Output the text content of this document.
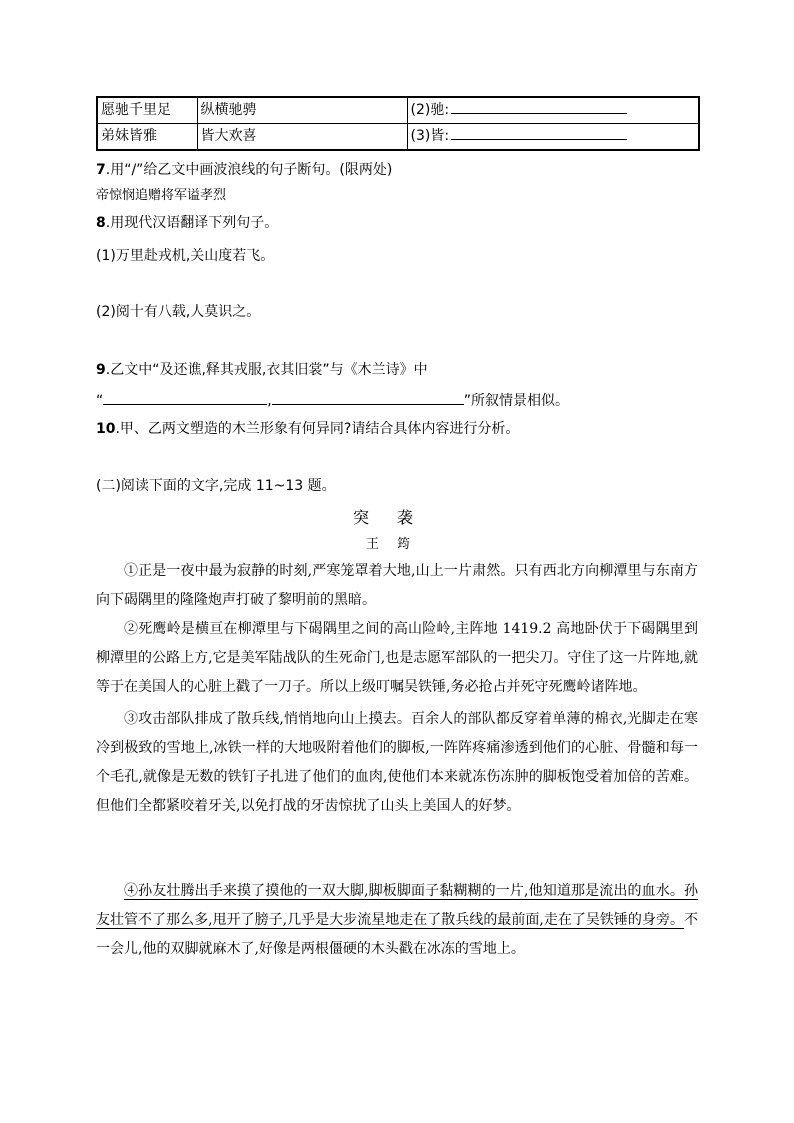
愿驰千里足	纵横驰骋	(2)驰:
弟妹皆雅	皆大欢喜	(3)皆:
7.用“/”给乙文中画波浪线的句子断句。(限两处)
帝惊悯追赠将军谥孝烈
8.用现代汉语翻译下列句子。
(1)万里赴戎机,关山度若飞。
(2)阅十有八载,人莫识之。
9.乙文中“及还谯,释其戎服,衣其旧裳”与《木兰诗》中
“	,	”所叙情景相似。
10.甲、乙两文塑造的木兰形象有何异同?请结合具体内容进行分析。
(二)阅读下面的文字,完成 11~13 题。
突袭
王筠

①正是一夜中最为寂静的时刻,严寒笼罩着大地,山上一片肃然。只有西北方向柳潭里与东南方向下碣隅里的隆隆炮声打破了黎明前的黑暗。

②死鹰岭是横亘在柳潭里与下碣隅里之间的高山险岭,主阵地 1419.2 高地卧伏于下碣隅里到柳潭里的公路上方,它是美军陆战队的生死命门,也是志愿军部队的一把尖刀。守住了这一片阵地,就等于在美国人的心脏上戳了一刀子。所以上级叮嘱吴铁锤,务必抢占并死守死鹰岭诸阵地。

③攻击部队排成了散兵线,悄悄地向山上摸去。百余人的部队都反穿着单薄的棉衣,光脚走在寒冷到极致的雪地上,冰铁一样的大地吸附着他们的脚板,一阵阵疼痛渗透到他们的心脏、骨髓和每一个毛孔,就像是无数的铁钉子扎进了他们的血肉,使他们本来就冻伤冻肿的脚板饱受着加倍的苦难。但他们全都紧咬着牙关,以免打战的牙齿惊扰了山头上美国人的好梦。

④孙友壮腾出手来摸了摸他的一双大脚,脚板脚面子黏糊糊的一片,他知道那是流出的血水。孙友壮管不了那么多,甩开了膀子,几乎是大步流星地走在了散兵线的最前面,走在了吴铁锤的身旁。不一会儿,他的双脚就麻木了,好像是两根僵硬的木头戳在冰冻的雪地上。
